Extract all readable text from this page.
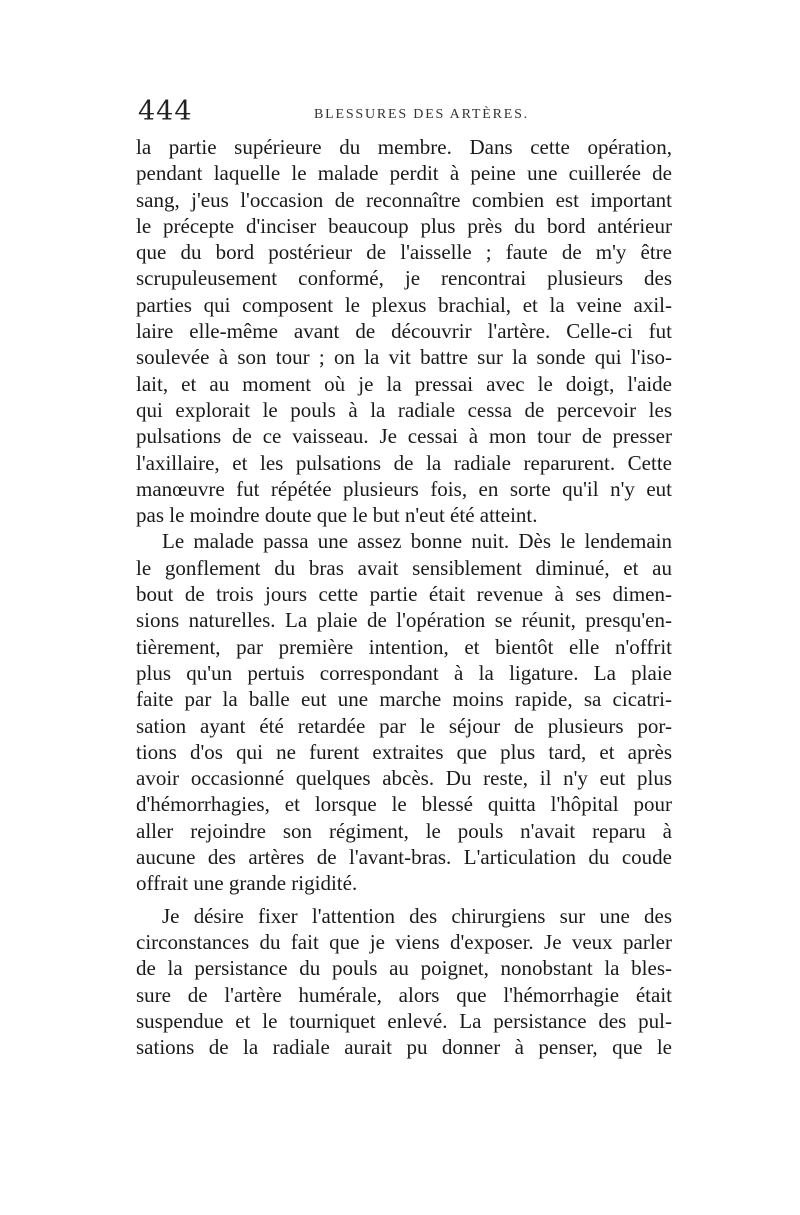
444	BLESSURES DES ARTÈRES.
la partie supérieure du membre. Dans cette opération,
pendant laquelle le malade perdit à peine une cuillerée de
sang, j'eus l'occasion de reconnaître combien est important
le précepte d'inciser beaucoup plus près du bord antérieur
que du bord postérieur de l'aisselle ; faute de m'y être
scrupuleusement conformé, je rencontrai plusieurs des
parties qui composent le plexus brachial, et la veine axil-
laire elle-même avant de découvrir l'artère. Celle-ci fut
soulevée à son tour ; on la vit battre sur la sonde qui l'iso-
lait, et au moment où je la pressai avec le doigt, l'aide
qui explorait le pouls à la radiale cessa de percevoir les
pulsations de ce vaisseau. Je cessai à mon tour de presser
l'axillaire, et les pulsations de la radiale reparurent. Cette
manœuvre fut répétée plusieurs fois, en sorte qu'il n'y eut
pas le moindre doute que le but n'eut été atteint.
Le malade passa une assez bonne nuit. Dès le lendemain
le gonflement du bras avait sensiblement diminué, et au
bout de trois jours cette partie était revenue à ses dimen-
sions naturelles. La plaie de l'opération se réunit, presqu'en-
tièrement, par première intention, et bientôt elle n'offrit
plus qu'un pertuis correspondant à la ligature. La plaie
faite par la balle eut une marche moins rapide, sa cicatri-
sation ayant été retardée par le séjour de plusieurs por-
tions d'os qui ne furent extraites que plus tard, et après
avoir occasionné quelques abcès. Du reste, il n'y eut plus
d'hémorrhagies, et lorsque le blessé quitta l'hôpital pour
aller rejoindre son régiment, le pouls n'avait reparu à
aucune des artères de l'avant-bras. L'articulation du coude
offrait une grande rigidité.
Je désire fixer l'attention des chirurgiens sur une des
circonstances du fait que je viens d'exposer. Je veux parler
de la persistance du pouls au poignet, nonobstant la bles-
sure de l'artère humérale, alors que l'hémorrhagie était
suspendue et le tourniquet enlevé. La persistance des pul-
sations de la radiale aurait pu donner à penser, que le
